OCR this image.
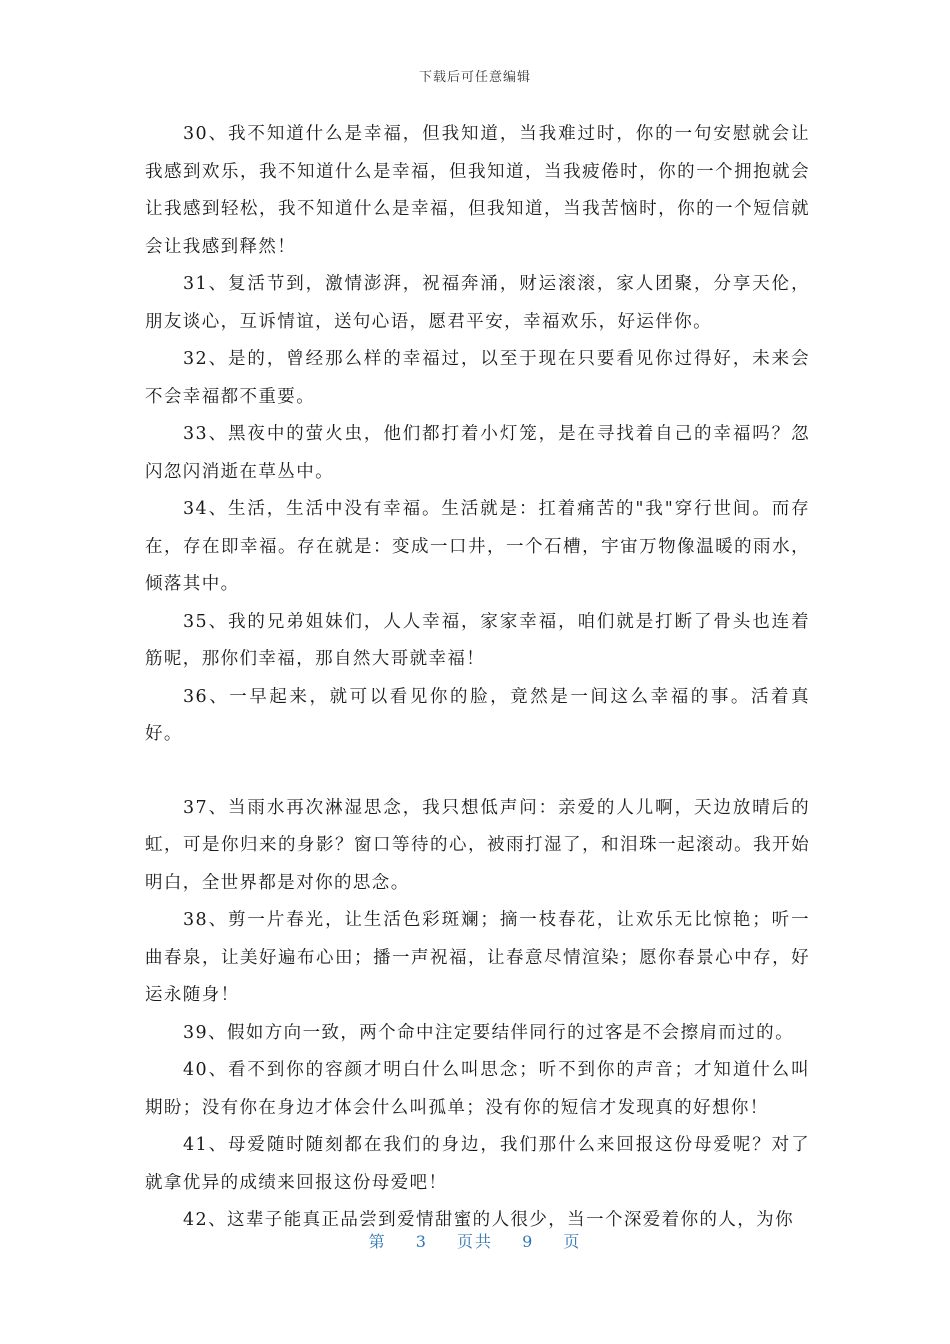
下载后可任意编辑

30、我不知道什么是幸福，但我知道，当我难过时，你的一句安慰就会让我感到欢乐，我不知道什么是幸福，但我知道，当我疲倦时，你的一个拥抱就会让我感到轻松，我不知道什么是幸福，但我知道，当我苦恼时，你的一个短信就会让我感到释然！

31、复活节到，激情澎湃，祝福奔涌，财运滚滚，家人团聚，分享天伦，朋友谈心，互诉情谊，送句心语，愿君平安，幸福欢乐，好运伴你。

32、是的，曾经那么样的幸福过，以至于现在只要看见你过得好，未来会不会幸福都不重要。

33、黑夜中的萤火虫，他们都打着小灯笼，是在寻找着自己的幸福吗？忽闪忽闪消逝在草丛中。

34、生活，生活中没有幸福。生活就是：扛着痛苦的"我"穿行世间。而存在，存在即幸福。存在就是：变成一口井，一个石槽，宇宙万物像温暖的雨水，倾落其中。

35、我的兄弟姐妹们，人人幸福，家家幸福，咱们就是打断了骨头也连着筋呢，那你们幸福，那自然大哥就幸福！

36、一早起来，就可以看见你的脸，竟然是一间这么幸福的事。活着真好。

37、当雨水再次淋湿思念，我只想低声问：亲爱的人儿啊，天边放晴后的虹，可是你归来的身影？窗口等待的心，被雨打湿了，和泪珠一起滚动。我开始明白，全世界都是对你的思念。

38、剪一片春光，让生活色彩斑斓；摘一枝春花，让欢乐无比惊艳；听一曲春泉，让美好遍布心田；播一声祝福，让春意尽情渲染；愿你春景心中存，好运永随身！

39、假如方向一致，两个命中注定要结伴同行的过客是不会擦肩而过的。

40、看不到你的容颜才明白什么叫思念；听不到你的声音；才知道什么叫期盼；没有你在身边才体会什么叫孤单；没有你的短信才发现真的好想你！

41、母爱随时随刻都在我们的身边，我们那什么来回报这份母爱呢？对了就拿优异的成绩来回报这份母爱吧！

42、这辈子能真正品尝到爱情甜蜜的人很少，当一个深爱着你的人，为你

第 3 页共 9 页
